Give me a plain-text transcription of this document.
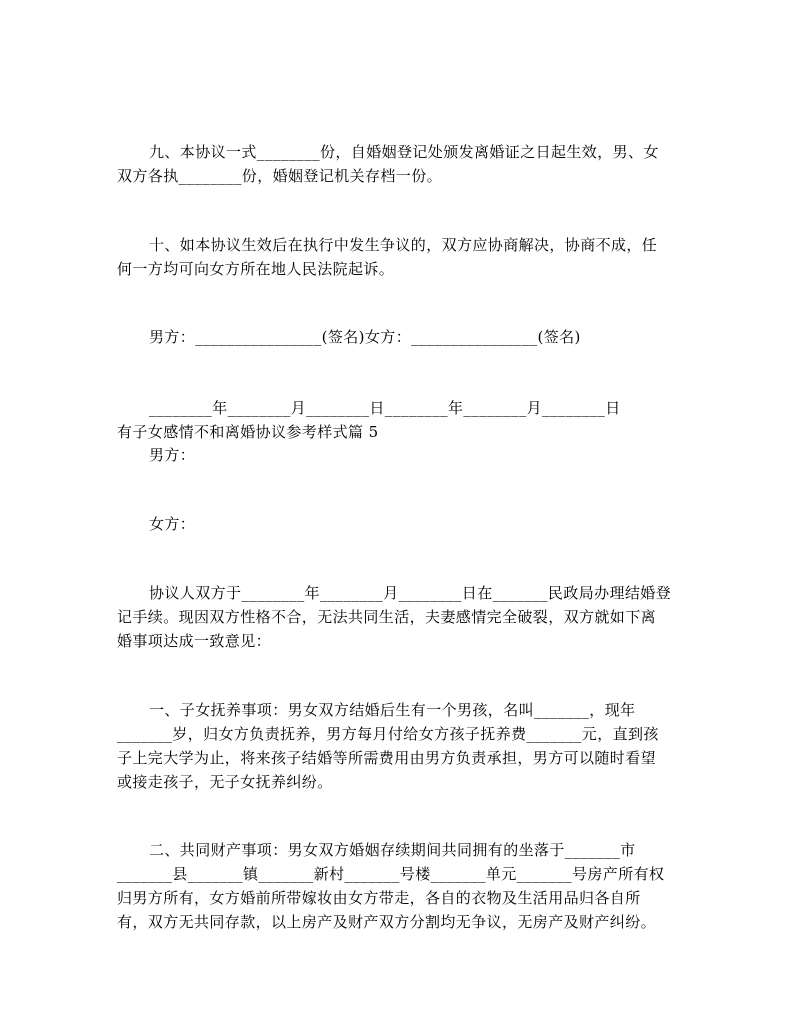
九、本协议一式________份，自婚姻登记处颁发离婚证之日起生效，男、女
双方各执________份，婚姻登记机关存档一份。
十、如本协议生效后在执行中发生争议的，双方应协商解决，协商不成，任
何一方均可向女方所在地人民法院起诉。
男方：________________(签名)女方：________________(签名)
________年________月________日________年________月________日
有子女感情不和离婚协议参考样式篇 5
男方：
女方：
协议人双方于________年________月________日在_______民政局办理结婚登
记手续。现因双方性格不合，无法共同生活，夫妻感情完全破裂，双方就如下离
婚事项达成一致意见：
一、子女抚养事项：男女双方结婚后生有一个男孩，名叫_______，现年
_______岁，归女方负责抚养，男方每月付给女方孩子抚养费_______元，直到孩
子上完大学为止，将来孩子结婚等所需费用由男方负责承担，男方可以随时看望
或接走孩子，无子女抚养纠纷。
二、共同财产事项：男女双方婚姻存续期间共同拥有的坐落于_______市
_______县_______镇_______新村_______号楼_______单元_______号房产所有权
归男方所有，女方婚前所带嫁妆由女方带走，各自的衣物及生活用品归各自所
有，双方无共同存款，以上房产及财产双方分割均无争议，无房产及财产纠纷。
